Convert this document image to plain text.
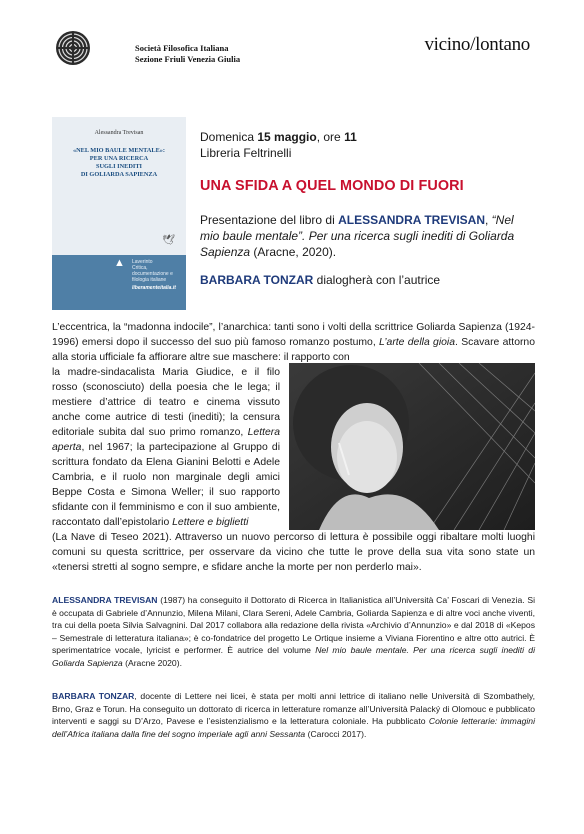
Società Filosofica Italiana
Sezione Friuli Venezia Giulia
vicino/lontano
Alessandra Trevisan
«NEL MIO BAULE MENTALE»:
PER UNA RICERCA
SUGLI INEDITI
DI GOLIARDA SAPIENZA
🕊
▲ Laverinto
Critica, documentazione e filologia italiane
liberamenteitalia.it
Domenica 15 maggio, ore 11
Libreria Feltrinelli
UNA SFIDA A QUEL MONDO DI FUORI
Presentazione del libro di ALESSANDRA TREVISAN, “Nel mio baule mentale”. Per una ricerca sugli inediti di Goliarda Sapienza (Aracne, 2020).
BARBARA TONZAR dialogherà con l’autrice
L’eccentrica, la “madonna indocile”, l’anarchica: tanti sono i volti della scrittrice Goliarda Sapienza (1924-1996) emersi dopo il successo del suo più famoso romanzo postumo, L’arte della gioia. Scavare attorno alla storia ufficiale fa affiorare altre sue maschere: il rapporto con
la madre-sindacalista Maria Giudice, e il filo rosso (sconosciuto) della poesia che le lega; il mestiere d’attrice di teatro e cinema vissuto anche come autrice di testi (inediti); la censura editoriale subita dal suo primo romanzo, Lettera aperta, nel 1967; la partecipazione al Gruppo di scrittura fondato da Elena Gianini Belotti e Adele Cambria, e il ruolo non marginale degli amici Beppe Costa e Simona Weller; il suo rapporto sfidante con il femminismo e con il suo ambiente, raccontato dall’epistolario Lettere e biglietti
(La Nave di Teseo 2021). Attraverso un nuovo percorso di lettura è possibile oggi ribaltare molti luoghi comuni su questa scrittrice, per osservare da vicino che tutte le prove della sua vita sono state un «tenersi stretti al sogno sempre, e sfidare anche la morte per non perderlo mai».
ALESSANDRA TREVISAN (1987) ha conseguito il Dottorato di Ricerca in Italianistica all’Università Ca’ Foscari di Venezia. Si è occupata di Gabriele d’Annunzio, Milena Milani, Clara Sereni, Adele Cambria, Goliarda Sapienza e di altre voci anche viventi, tra cui della poeta Silvia Salvagnini. Dal 2017 collabora alla redazione della rivista «Archivio d’Annunzio» e dal 2018 di «Kepos – Semestrale di letteratura italiana»; è co-fondatrice del progetto Le Ortique insieme a Viviana Fiorentino e altre otto autrici. È sperimentatrice vocale, lyricist e performer. È autrice del volume Nel mio baule mentale. Per una ricerca sugli inediti di Goliarda Sapienza (Aracne 2020).
BARBARA TONZAR, docente di Lettere nei licei, è stata per molti anni lettrice di italiano nelle Università di Szombathely, Brno, Graz e Torun. Ha conseguito un dottorato di ricerca in letterature romanze all’Università Palacký di Olomouc e pubblicato interventi e saggi su D’Arzo, Pavese e l’esistenzialismo e la letteratura coloniale. Ha pubblicato Colonie letterarie: immagini dell’Africa italiana dalla fine del sogno imperiale agli anni Sessanta (Carocci 2017).
